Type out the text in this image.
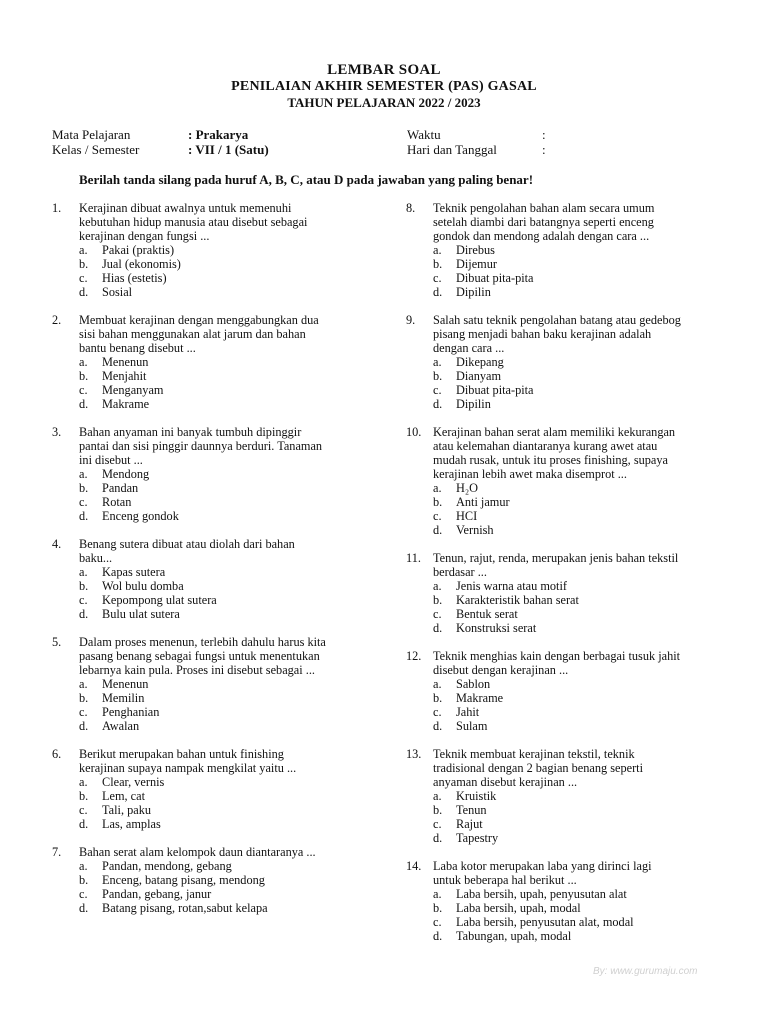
LEMBAR SOAL
PENILAIAN AKHIR SEMESTER (PAS) GASAL
TAHUN PELAJARAN 2022 / 2023
Mata Pelajaran	: Prakarya
Kelas / Semester	: VII / 1 (Satu)
Waktu	:
Hari dan Tanggal	:
Berilah tanda silang pada huruf A, B, C, atau D pada jawaban yang paling benar!
1.	Kerajinan dibuat awalnya untuk memenuhi
kebutuhan hidup manusia atau disebut sebagai
kerajinan dengan fungsi ...
a.	Pakai (praktis)
b.	Jual (ekonomis)
c.	Hias (estetis)
d.	Sosial
2.	Membuat kerajinan dengan menggabungkan dua
sisi bahan menggunakan alat jarum dan bahan
bantu benang disebut ...
a.	Menenun
b.	Menjahit
c.	Menganyam
d.	Makrame
3.	Bahan anyaman ini banyak tumbuh dipinggir
pantai dan sisi pinggir daunnya berduri. Tanaman
ini disebut ...
a.	Mendong
b.	Pandan
c.	Rotan
d.	Enceng gondok
4.	Benang sutera dibuat atau diolah dari bahan
baku...
a.	Kapas sutera
b.	Wol bulu domba
c.	Kepompong ulat sutera
d.	Bulu ulat sutera
5.	Dalam proses menenun, terlebih dahulu harus kita
pasang benang sebagai fungsi untuk menentukan
lebarnya kain pula. Proses ini disebut sebagai ...
a.	Menenun
b.	Memilin
c.	Penghanian
d.	Awalan
6.	Berikut merupakan bahan untuk finishing
kerajinan supaya nampak mengkilat yaitu ...
a.	Clear, vernis
b.	Lem, cat
c.	Tali, paku
d.	Las, amplas
7.	Bahan serat alam kelompok daun diantaranya ...
a.	Pandan, mendong, gebang
b.	Enceng, batang pisang, mendong
c.	Pandan, gebang, janur
d.	Batang pisang, rotan,sabut kelapa
8.	Teknik pengolahan bahan alam secara umum
setelah diambi dari batangnya seperti enceng
gondok dan mendong adalah dengan cara ...
a.	Direbus
b.	Dijemur
c.	Dibuat pita-pita
d.	Dipilin
9.	Salah satu teknik pengolahan batang atau gedebog
pisang menjadi bahan baku kerajinan adalah
dengan cara ...
a.	Dikepang
b.	Dianyam
c.	Dibuat pita-pita
d.	Dipilin
10. Kerajinan bahan serat alam memiliki kekurangan
atau kelemahan diantaranya kurang awet atau
mudah rusak, untuk itu proses finishing, supaya
kerajinan lebih awet maka disemprot ...
a.	H₂O
b.	Anti jamur
c.	HCI
d.	Vernish
11. Tenun, rajut, renda, merupakan jenis bahan tekstil
berdasar ...
a.	Jenis warna atau motif
b.	Karakteristik bahan serat
c.	Bentuk serat
d.	Konstruksi serat
12. Teknik menghias kain dengan berbagai tusuk jahit
disebut dengan kerajinan ...
a.	Sablon
b.	Makrame
c.	Jahit
d.	Sulam
13. Teknik membuat kerajinan tekstil, teknik
tradisional dengan 2 bagian benang seperti
anyaman disebut kerajinan ...
a.	Kruistik
b.	Tenun
c.	Rajut
d.	Tapestry
14. Laba kotor merupakan laba yang dirinci lagi
untuk beberapa hal berikut ...
a.	Laba bersih, upah, penyusutan alat
b.	Laba bersih, upah, modal
c.	Laba bersih, penyusutan alat, modal
d.	Tabungan, upah, modal
By: www.gurumaju.com
